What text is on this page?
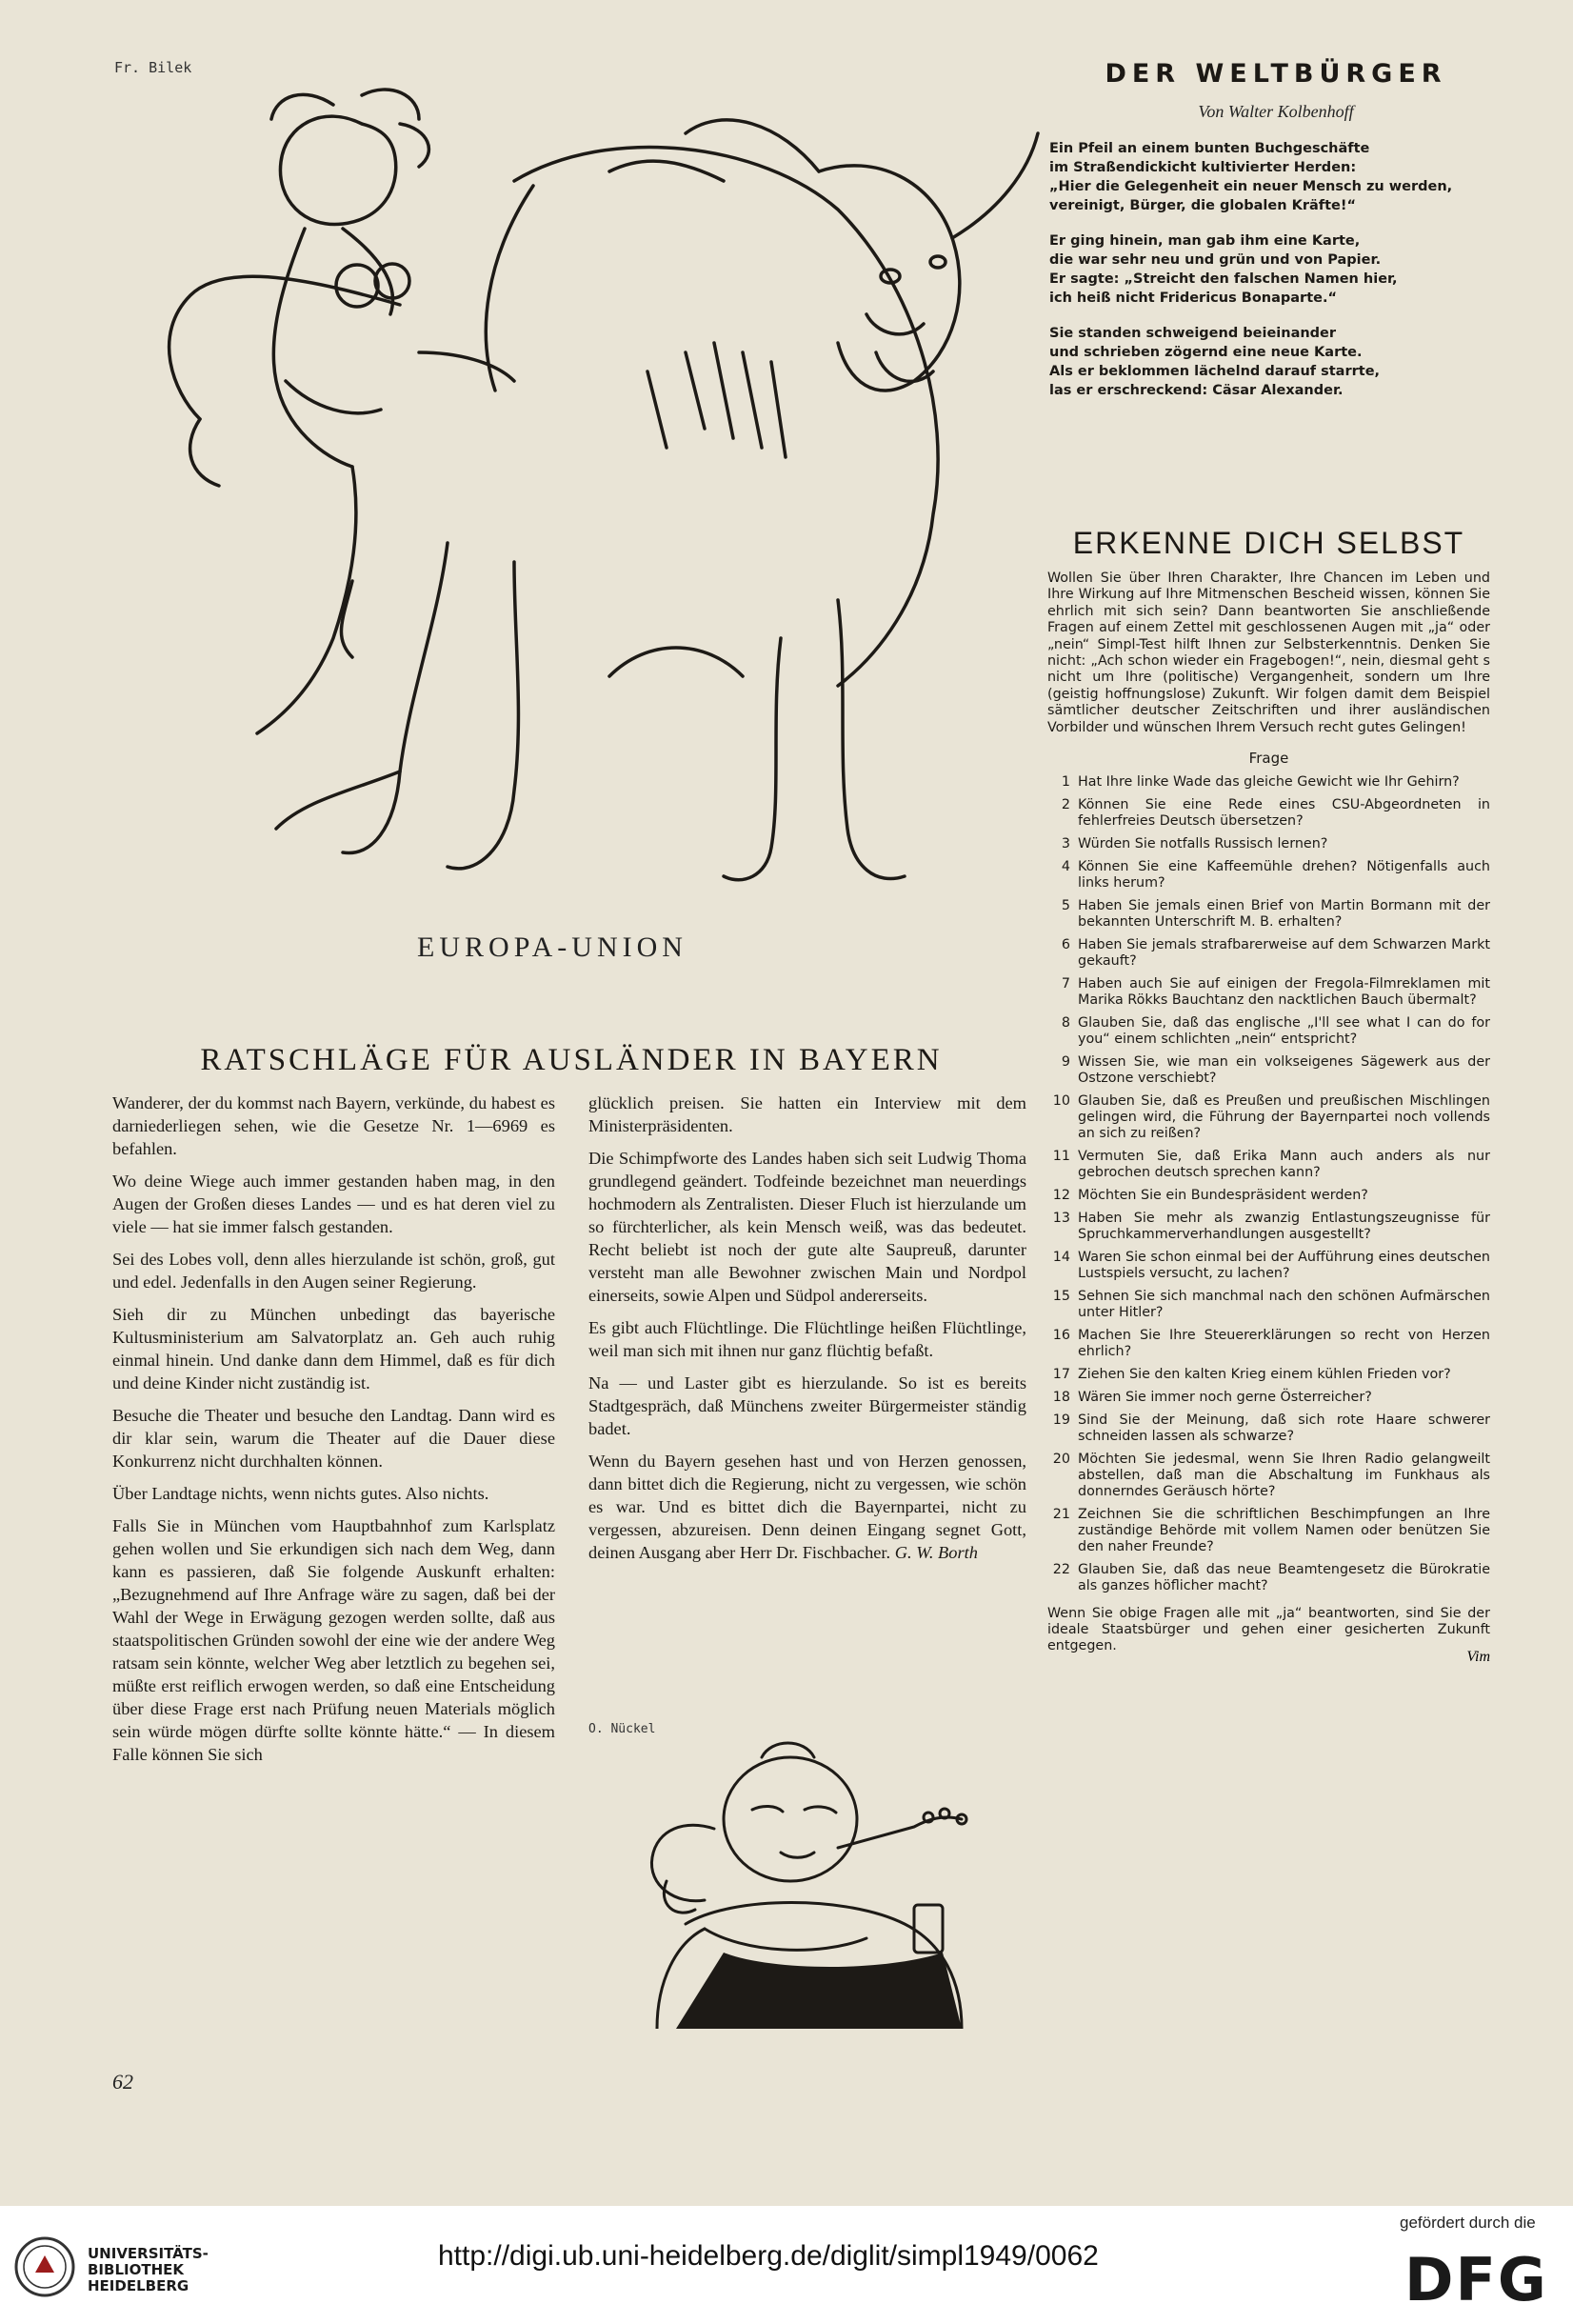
Fr. Bilek
EUROPA-UNION
DER WELTBÜRGER
Von Walter Kolbenhoff
Ein Pfeil an einem bunten Buchgeschäfte
im Straßendickicht kultivierter Herden:
„Hier die Gelegenheit ein neuer Mensch zu werden,
vereinigt, Bürger, die globalen Kräfte!“
Er ging hinein, man gab ihm eine Karte,
die war sehr neu und grün und von Papier.
Er sagte: „Streicht den falschen Namen hier,
ich heiß nicht Fridericus Bonaparte.“
Sie standen schweigend beieinander
und schrieben zögernd eine neue Karte.
Als er beklommen lächelnd darauf starrte,
las er erschreckend: Cäsar Alexander.
ERKENNE DICH SELBST
Wollen Sie über Ihren Charakter, Ihre Chancen im Leben und Ihre Wirkung auf Ihre Mitmenschen Bescheid wissen, können Sie ehrlich mit sich sein? Dann beantworten Sie anschließende Fragen auf einem Zettel mit geschlossenen Augen mit „ja“ oder „nein“ Simpl-Test hilft Ihnen zur Selbsterkenntnis. Denken Sie nicht: „Ach schon wieder ein Fragebogen!“, nein, diesmal geht s nicht um Ihre (politische) Vergangenheit, sondern um Ihre (geistig hoffnungslose) Zukunft. Wir folgen damit dem Beispiel sämtlicher deutscher Zeitschriften und ihrer ausländischen Vorbilder und wünschen Ihrem Versuch recht gutes Gelingen!
Frage
1 Hat Ihre linke Wade das gleiche Gewicht wie Ihr Gehirn?
2 Können Sie eine Rede eines CSU-Abgeordneten in fehlerfreies Deutsch übersetzen?
3 Würden Sie notfalls Russisch lernen?
4 Können Sie eine Kaffeemühle drehen? Nötigenfalls auch links herum?
5 Haben Sie jemals einen Brief von Martin Bormann mit der bekannten Unterschrift M. B. erhalten?
6 Haben Sie jemals strafbarerweise auf dem Schwarzen Markt gekauft?
7 Haben auch Sie auf einigen der Fregola-Filmreklamen mit Marika Rökks Bauchtanz den nacktlichen Bauch übermalt?
8 Glauben Sie, daß das englische „I'll see what I can do for you“ einem schlichten „nein“ entspricht?
9 Wissen Sie, wie man ein volkseigenes Sägewerk aus der Ostzone verschiebt?
10 Glauben Sie, daß es Preußen und preußischen Mischlingen gelingen wird, die Führung der Bayernpartei noch vollends an sich zu reißen?
11 Vermuten Sie, daß Erika Mann auch anders als nur gebrochen deutsch sprechen kann?
12 Möchten Sie ein Bundespräsident werden?
13 Haben Sie mehr als zwanzig Entlastungszeugnisse für Spruchkammerverhandlungen ausgestellt?
14 Waren Sie schon einmal bei der Aufführung eines deutschen Lustspiels versucht, zu lachen?
15 Sehnen Sie sich manchmal nach den schönen Aufmärschen unter Hitler?
16 Machen Sie Ihre Steuererklärungen so recht von Herzen ehrlich?
17 Ziehen Sie den kalten Krieg einem kühlen Frieden vor?
18 Wären Sie immer noch gerne Österreicher?
19 Sind Sie der Meinung, daß sich rote Haare schwerer schneiden lassen als schwarze?
20 Möchten Sie jedesmal, wenn Sie Ihren Radio gelangweilt abstellen, daß man die Abschaltung im Funkhaus als donnerndes Geräusch hörte?
21 Zeichnen Sie die schriftlichen Beschimpfungen an Ihre zuständige Behörde mit vollem Namen oder benützen Sie den naher Freunde?
22 Glauben Sie, daß das neue Beamtengesetz die Bürokratie als ganzes höflicher macht?
Wenn Sie obige Fragen alle mit „ja“ beantworten, sind Sie der ideale Staatsbürger und gehen einer gesicherten Zukunft entgegen.
Vim
RATSCHLÄGE FÜR AUSLÄNDER IN BAYERN

Wanderer, der du kommst nach Bayern, verkünde, du habest es darniederliegen sehen, wie die Gesetze Nr. 1—6969 es befahlen.

Wo deine Wiege auch immer gestanden haben mag, in den Augen der Großen dieses Landes — und es hat deren viel zu viele — hat sie immer falsch gestanden.

Sei des Lobes voll, denn alles hierzulande ist schön, groß, gut und edel. Jedenfalls in den Augen seiner Regierung.

Sieh dir zu München unbedingt das bayerische Kultusministerium am Salvatorplatz an. Geh auch ruhig einmal hinein. Und danke dann dem Himmel, daß es für dich und deine Kinder nicht zuständig ist.

Besuche die Theater und besuche den Landtag. Dann wird es dir klar sein, warum die Theater auf die Dauer diese Konkurrenz nicht durchhalten können.

Über Landtage nichts, wenn nichts gutes. Also nichts.

Falls Sie in München vom Hauptbahnhof zum Karlsplatz gehen wollen und Sie erkundigen sich nach dem Weg, dann kann es passieren, daß Sie folgende Auskunft erhalten: „Bezugnehmend auf Ihre Anfrage wäre zu sagen, daß bei der Wahl der Wege in Erwägung gezogen werden sollte, daß aus staatspolitischen Gründen sowohl der eine wie der andere Weg ratsam sein könnte, welcher Weg aber letztlich zu begehen sei, müßte erst reiflich erwogen werden, so daß eine Entscheidung über diese Frage erst nach Prüfung neuen Materials möglich sein würde mögen dürfte sollte könnte hätte.“ — In diesem Falle können Sie sich

glücklich preisen. Sie hatten ein Interview mit dem Ministerpräsidenten.

Die Schimpfworte des Landes haben sich seit Ludwig Thoma grundlegend geändert. Todfeinde bezeichnet man neuerdings hochmodern als Zentralisten. Dieser Fluch ist hierzulande um so fürchterlicher, als kein Mensch weiß, was das bedeutet. Recht beliebt ist noch der gute alte Saupreuß, darunter versteht man alle Bewohner zwischen Main und Nordpol einerseits, sowie Alpen und Südpol andererseits.

Es gibt auch Flüchtlinge. Die Flüchtlinge heißen Flüchtlinge, weil man sich mit ihnen nur ganz flüchtig befaßt.

Na — und Laster gibt es hierzulande. So ist es bereits Stadtgespräch, daß Münchens zweiter Bürgermeister ständig badet.

Wenn du Bayern gesehen hast und von Herzen genossen, dann bittet dich die Regierung, nicht zu vergessen, wie schön es war. Und es bittet dich die Bayernpartei, nicht zu vergessen, abzureisen. Denn deinen Eingang segnet Gott, deinen Ausgang aber Herr Dr. Fischbacher. G. W. Borth

O. Nückel
62
UNIVERSITÄTS-
BIBLIOTHEK
HEIDELBERG
http://digi.ub.uni-heidelberg.de/diglit/simpl1949/0062
gefördert durch die
DFG
